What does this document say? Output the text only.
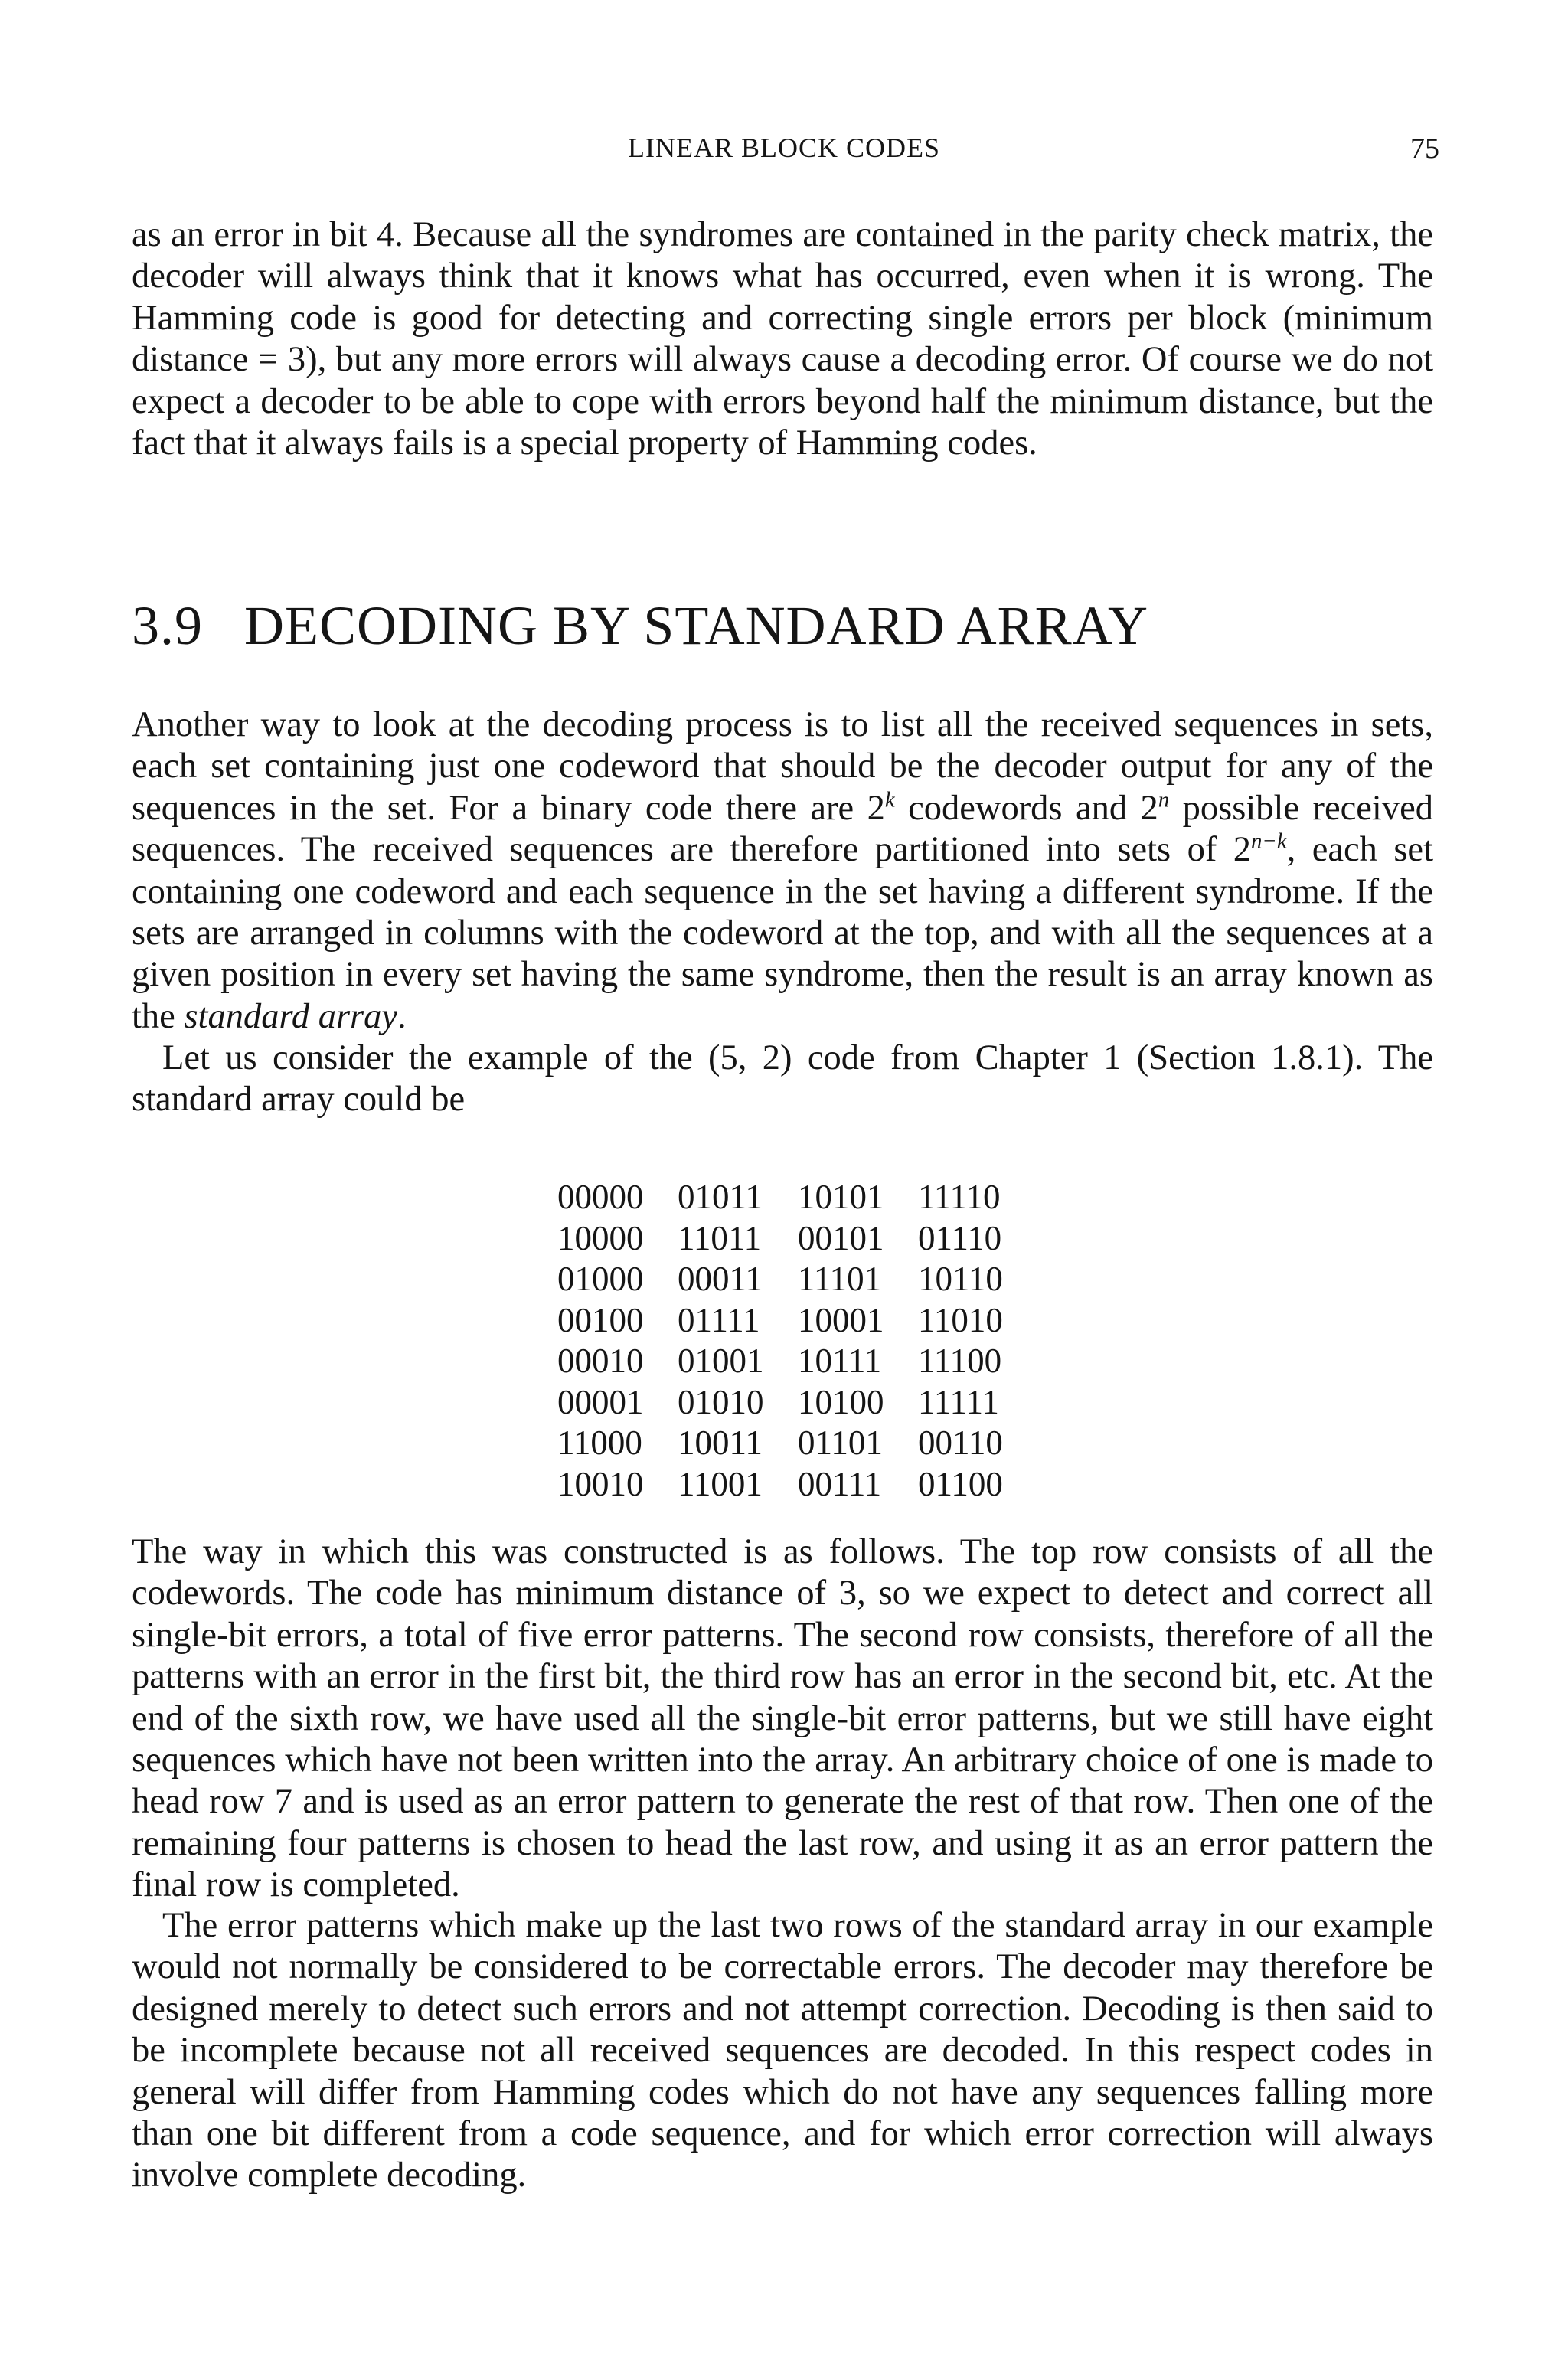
LINEAR BLOCK CODES	75

as an error in bit 4. Because all the syndromes are contained in the parity check matrix, the decoder will always think that it knows what has occurred, even when it is wrong. The Hamming code is good for detecting and correcting single errors per block (minimum distance = 3), but any more errors will always cause a decoding error. Of course we do not expect a decoder to be able to cope with errors beyond half the minimum distance, but the fact that it always fails is a special property of Hamming codes.

3.9 DECODING BY STANDARD ARRAY

Another way to look at the decoding process is to list all the received sequences in sets, each set containing just one codeword that should be the decoder output for any of the sequences in the set. For a binary code there are 2$^k$ codewords and 2$^n$ possible received sequences. The received sequences are therefore partitioned into sets of $2^{n-k}$, each set containing one codeword and each sequence in the set having a different syndrome. If the sets are arranged in columns with the codeword at the top, and with all the sequences at a given position in every set having the same syndrome, then the result is an array known as the standard array.

Let us consider the example of the (5, 2) code from Chapter 1 (Section 1.8.1). The standard array could be

00000	01011	10101	11110
10000	11011	00101	01110
01000	00011	11101	10110
00100	01111	10001	11010
00010	01001	10111	11100
00001	01010	10100	11111
11000	10011	01101	00110
10010	11001	00111	01100

The way in which this was constructed is as follows. The top row consists of all the codewords. The code has minimum distance of 3, so we expect to detect and correct all single-bit errors, a total of five error patterns. The second row consists, therefore of all the patterns with an error in the first bit, the third row has an error in the second bit, etc. At the end of the sixth row, we have used all the single-bit error patterns, but we still have eight sequences which have not been written into the array. An arbitrary choice of one is made to head row 7 and is used as an error pattern to generate the rest of that row. Then one of the remaining four patterns is chosen to head the last row, and using it as an error pattern the final row is completed.

The error patterns which make up the last two rows of the standard array in our example would not normally be considered to be correctable errors. The decoder may therefore be designed merely to detect such errors and not attempt correction. Decoding is then said to be incomplete because not all received sequences are decoded. In this respect codes in general will differ from Hamming codes which do not have any sequences falling more than one bit different from a code sequence, and for which error correction will always involve complete decoding.
